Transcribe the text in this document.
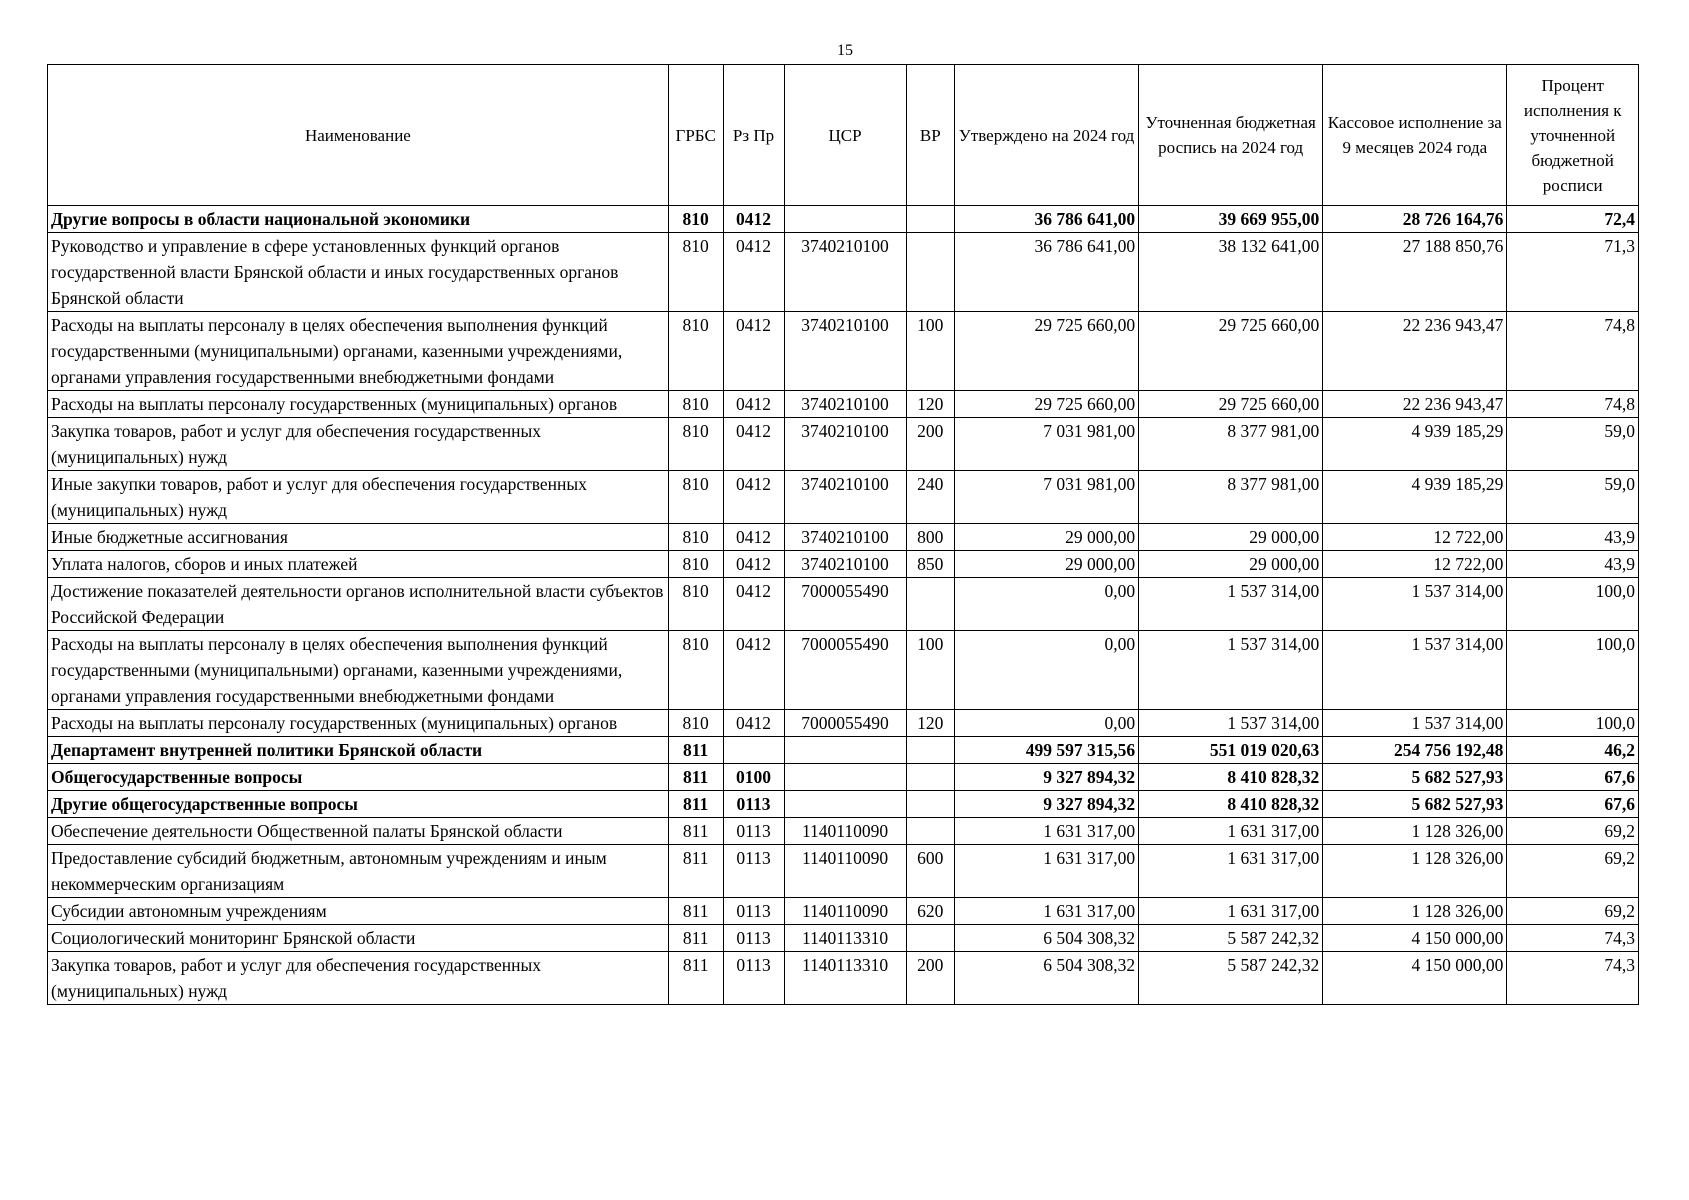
15
Наименование	ГРБС	Рз Пр	ЦСР	ВР	Утверждено на 2024 год	Уточненная бюджетная роспись на 2024 год	Кассовое исполнение за 9 месяцев 2024 года	Процент исполнения к уточненной бюджетной росписи
Другие вопросы в области национальной экономики	810	0412			36 786 641,00	39 669 955,00	28 726 164,76	72,4
Руководство и управление в сфере установленных функций органов государственной власти Брянской области и иных государственных органов Брянской области	810	0412	3740210100		36 786 641,00	38 132 641,00	27 188 850,76	71,3
Расходы на выплаты персоналу в целях обеспечения выполнения функций государственными (муниципальными) органами, казенными учреждениями, органами управления государственными внебюджетными фондами	810	0412	3740210100	100	29 725 660,00	29 725 660,00	22 236 943,47	74,8
Расходы на выплаты персоналу государственных (муниципальных) органов	810	0412	3740210100	120	29 725 660,00	29 725 660,00	22 236 943,47	74,8
Закупка товаров, работ и услуг для обеспечения государственных (муниципальных) нужд	810	0412	3740210100	200	7 031 981,00	8 377 981,00	4 939 185,29	59,0
Иные закупки товаров, работ и услуг для обеспечения государственных (муниципальных) нужд	810	0412	3740210100	240	7 031 981,00	8 377 981,00	4 939 185,29	59,0
Иные бюджетные ассигнования	810	0412	3740210100	800	29 000,00	29 000,00	12 722,00	43,9
Уплата налогов, сборов и иных платежей	810	0412	3740210100	850	29 000,00	29 000,00	12 722,00	43,9
Достижение показателей деятельности органов исполнительной власти субъектов Российской Федерации	810	0412	7000055490		0,00	1 537 314,00	1 537 314,00	100,0
Расходы на выплаты персоналу в целях обеспечения выполнения функций государственными (муниципальными) органами, казенными учреждениями, органами управления государственными внебюджетными фондами	810	0412	7000055490	100	0,00	1 537 314,00	1 537 314,00	100,0
Расходы на выплаты персоналу государственных (муниципальных) органов	810	0412	7000055490	120	0,00	1 537 314,00	1 537 314,00	100,0
Департамент внутренней политики Брянской области	811				499 597 315,56	551 019 020,63	254 756 192,48	46,2
Общегосударственные вопросы	811	0100			9 327 894,32	8 410 828,32	5 682 527,93	67,6
Другие общегосударственные вопросы	811	0113			9 327 894,32	8 410 828,32	5 682 527,93	67,6
Обеспечение деятельности Общественной палаты Брянской области	811	0113	1140110090		1 631 317,00	1 631 317,00	1 128 326,00	69,2
Предоставление субсидий бюджетным, автономным учреждениям и иным некоммерческим организациям	811	0113	1140110090	600	1 631 317,00	1 631 317,00	1 128 326,00	69,2
Субсидии автономным учреждениям	811	0113	1140110090	620	1 631 317,00	1 631 317,00	1 128 326,00	69,2
Социологический мониторинг Брянской области	811	0113	1140113310		6 504 308,32	5 587 242,32	4 150 000,00	74,3
Закупка товаров, работ и услуг для обеспечения государственных (муниципальных) нужд	811	0113	1140113310	200	6 504 308,32	5 587 242,32	4 150 000,00	74,3
